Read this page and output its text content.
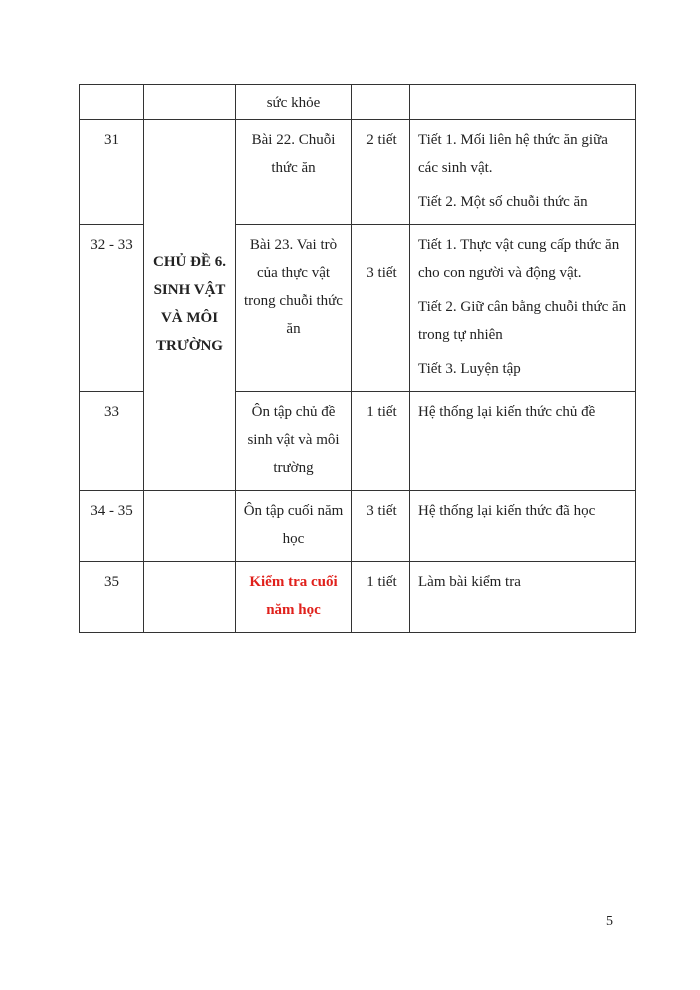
		sức khỏe		
31	CHỦ ĐỀ 6. SINH VẬT VÀ MÔI TRƯỜNG	Bài 22. Chuỗi thức ăn	2 tiết	Tiết 1. Mối liên hệ thức ăn giữa các sinh vật.
Tiết 2. Một số chuỗi thức ăn

32 - 33		Bài 23. Vai trò của thực vật trong chuỗi thức ăn	3 tiết	Tiết 1. Thực vật cung cấp thức ăn cho con người và động vật.
Tiết 2. Giữ cân bằng chuỗi thức ăn trong tự nhiên
Tiết 3. Luyện tập

33		Ôn tập chủ đề sinh vật và môi trường	1 tiết	Hệ thống lại kiến thức chủ đề

34 - 35		Ôn tập cuối năm học	3 tiết	Hệ thống lại kiến thức đã học

35		Kiểm tra cuối năm học	1 tiết	Làm bài kiểm tra
5
